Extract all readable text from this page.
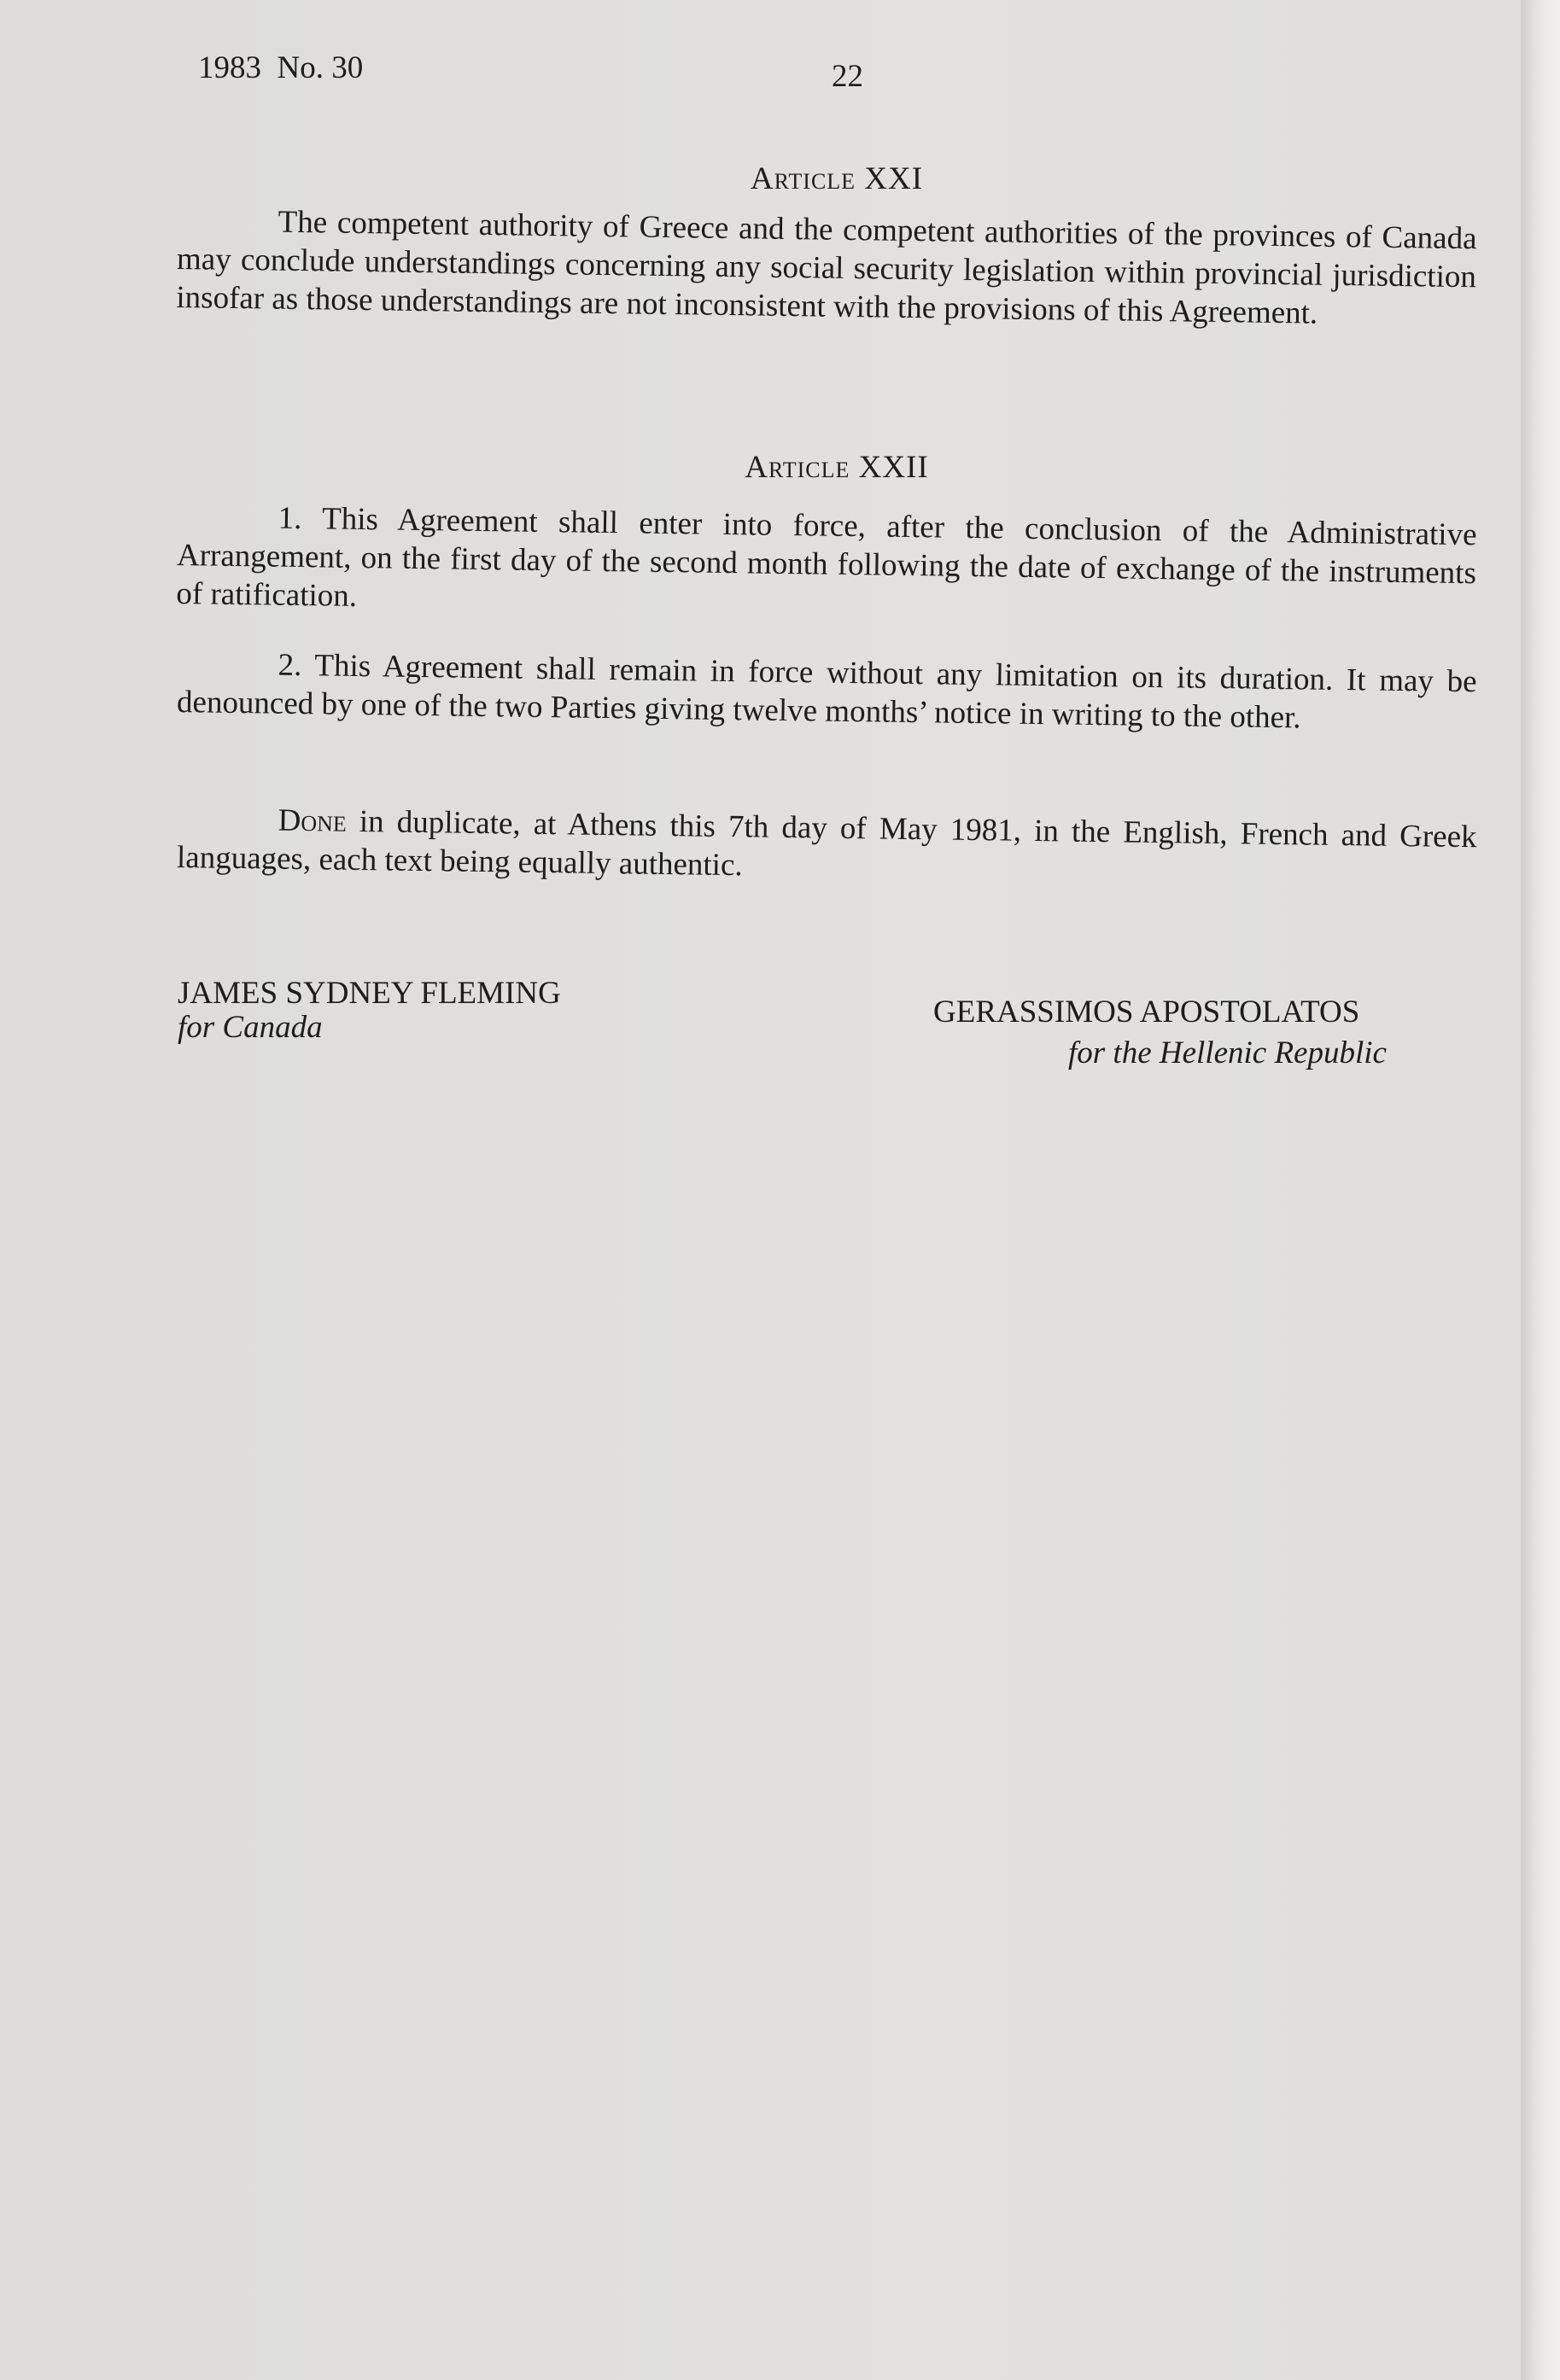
1983  No. 30	22
Article XXI

The competent authority of Greece and the competent authorities of the provinces of Canada may conclude understandings concerning any social security legislation within provincial jurisdiction insofar as those understandings are not inconsistent with the provisions of this Agreement.

Article XXII

1. This Agreement shall enter into force, after the conclusion of the Administrative Arrangement, on the first day of the second month following the date of exchange of the instruments of ratification.

2. This Agreement shall remain in force without any limitation on its duration. It may be denounced by one of the two Parties giving twelve months’ notice in writing to the other.

Done in duplicate, at Athens this 7th day of May 1981, in the English, French and Greek languages, each text being equally authentic.

JAMES SYDNEY FLEMING
for Canada	GERASSIMOS APOSTOLATOS
for the Hellenic Republic
